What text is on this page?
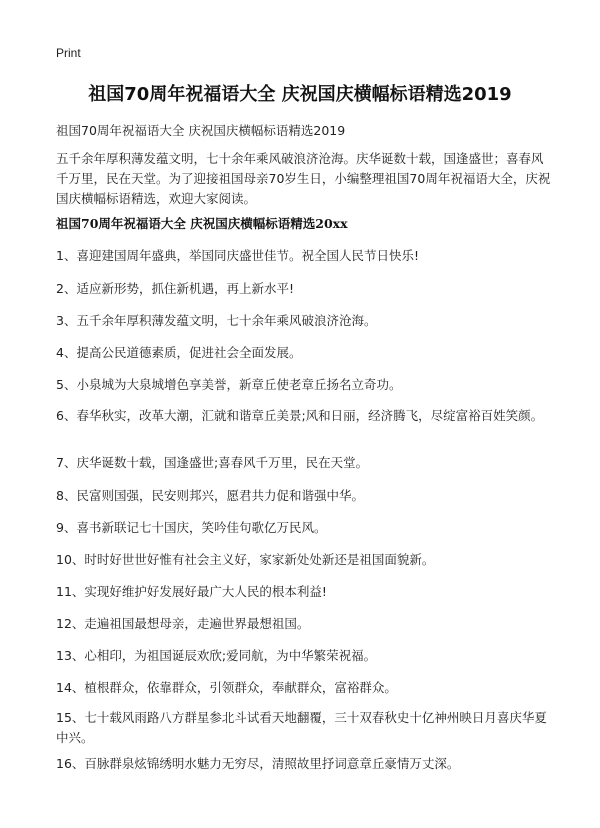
Print
祖国70周年祝福语大全 庆祝国庆横幅标语精选2019
祖国70周年祝福语大全 庆祝国庆横幅标语精选2019

五千余年厚积薄发蕴文明，七十余年乘风破浪济沧海。庆华诞数十载，国逢盛世；喜春风千万里，民在天堂。为了迎接祖国母亲70岁生日，小编整理祖国70周年祝福语大全，庆祝国庆横幅标语精选，欢迎大家阅读。

祖国70周年祝福语大全 庆祝国庆横幅标语精选20xx
1、喜迎建国周年盛典，举国同庆盛世佳节。祝全国人民节日快乐!
2、适应新形势，抓住新机遇，再上新水平!
3、五千余年厚积薄发蕴文明，七十余年乘风破浪济沧海。
4、提高公民道德素质，促进社会全面发展。
5、小泉城为大泉城增色享美誉，新章丘使老章丘扬名立奇功。
6、春华秋实，改革大潮，汇就和谐章丘美景;风和日丽，经济腾飞，尽绽富裕百姓笑颜。
7、庆华诞数十载，国逢盛世;喜春风千万里，民在天堂。
8、民富则国强，民安则邦兴，愿君共力促和谐强中华。
9、喜书新联记七十国庆，笑吟佳句歌亿万民风。
10、时时好世世好惟有社会主义好，家家新处处新还是祖国面貌新。
11、实现好维护好发展好最广大人民的根本利益!
12、走遍祖国最想母亲，走遍世界最想祖国。
13、心相印，为祖国诞辰欢欣;爱同航，为中华繁荣祝福。
14、植根群众，依靠群众，引领群众，奉献群众，富裕群众。
15、七十载风雨路八方群星参北斗试看天地翻覆，三十双春秋史十亿神州映日月喜庆华夏中兴。
16、百脉群泉炫锦绣明水魅力无穷尽，清照故里抒词意章丘豪情万丈深。
